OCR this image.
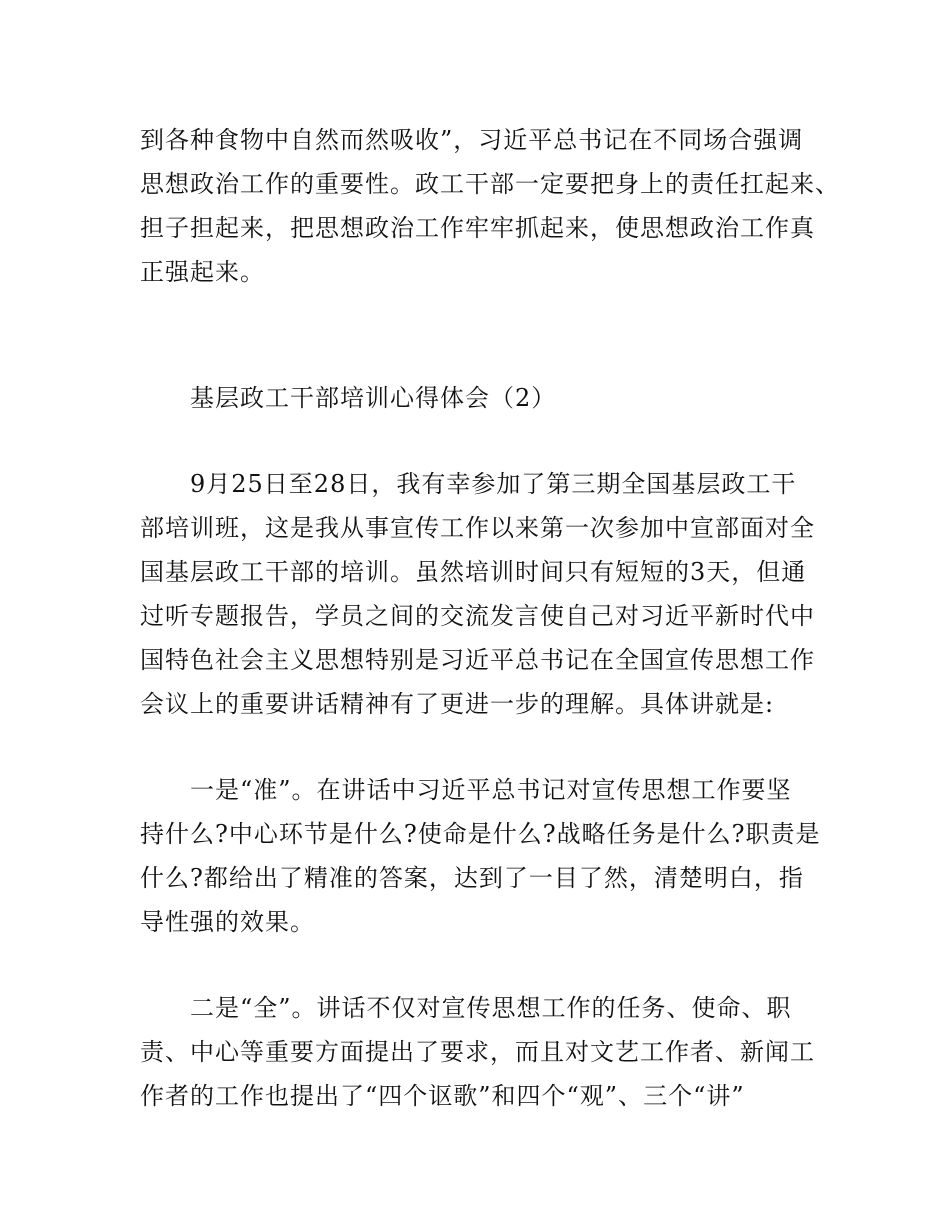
到各种食物中自然而然吸收”，习近平总书记在不同场合强调
思想政治工作的重要性。政工干部一定要把身上的责任扛起来、
担子担起来，把思想政治工作牢牢抓起来，使思想政治工作真
正强起来。
基层政工干部培训心得体会（2）
9月25日至28日，我有幸参加了第三期全国基层政工干
部培训班，这是我从事宣传工作以来第一次参加中宣部面对全
国基层政工干部的培训。虽然培训时间只有短短的3天，但通
过听专题报告，学员之间的交流发言使自己对习近平新时代中
国特色社会主义思想特别是习近平总书记在全国宣传思想工作
会议上的重要讲话精神有了更进一步的理解。具体讲就是:
一是“准”。在讲话中习近平总书记对宣传思想工作要坚
持什么?中心环节是什么?使命是什么?战略任务是什么?职责是
什么?都给出了精准的答案，达到了一目了然，清楚明白，指
导性强的效果。
二是“全”。讲话不仅对宣传思想工作的任务、使命、职
责、中心等重要方面提出了要求，而且对文艺工作者、新闻工
作者的工作也提出了“四个讴歌”和四个“观”、三个“讲”
